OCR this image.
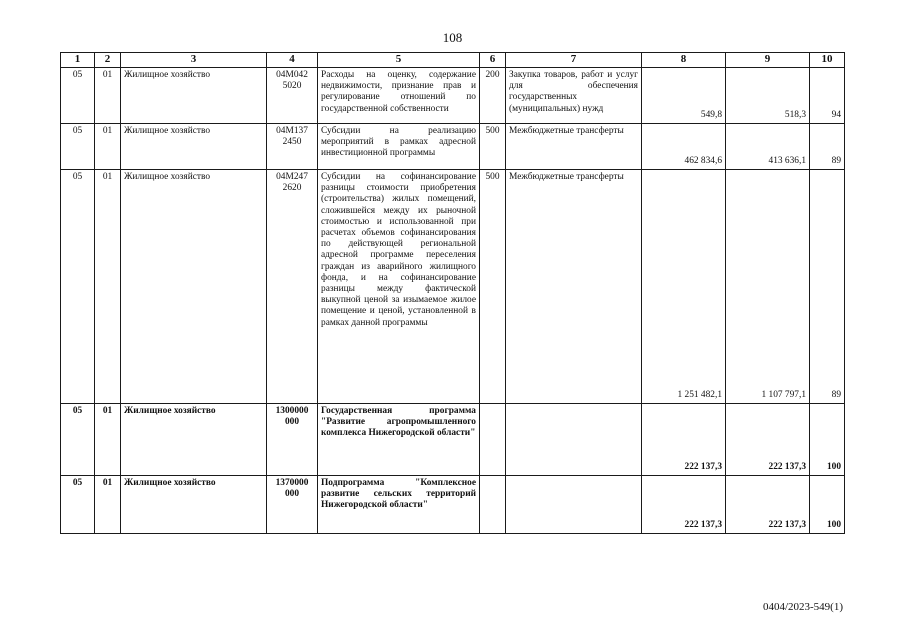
108
1	2	3	4	5	6	7	8	9	10
05	01	Жилищное хозяйство	04М042 5020	Расходы на оценку, содержание недвижимости, признание прав и регулирование отношений по государственной собственности	200	Закупка товаров, работ и услуг для обеспечения государственных (муниципальных) нужд	549,8	518,3	94
05	01	Жилищное хозяйство	04М137 2450	Субсидии на реализацию мероприятий в рамках адресной инвестиционной программы	500	Межбюджетные трансферты	462 834,6	413 636,1	89
05	01	Жилищное хозяйство	04М247 2620	Субсидии на софинансирование разницы стоимости приобретения (строительства) жилых помещений, сложившейся между их рыночной стоимостью и использованной при расчетах объемов софинансирования по действующей региональной адресной программе переселения граждан из аварийного жилищного фонда, и на софинансирование разницы между фактической выкупной ценой за изымаемое жилое помещение и ценой, установленной в рамках данной программы	500	Межбюджетные трансферты	1 251 482,1	1 107 797,1	89
05	01	Жилищное хозяйство	1300000 000	Государственная программа "Развитие агропромышленного комплекса Нижегородской области"			222 137,3	222 137,3	100
05	01	Жилищное хозяйство	1370000 000	Подпрограмма "Комплексное развитие сельских территорий Нижегородской области"			222 137,3	222 137,3	100
0404/2023-549(1)
